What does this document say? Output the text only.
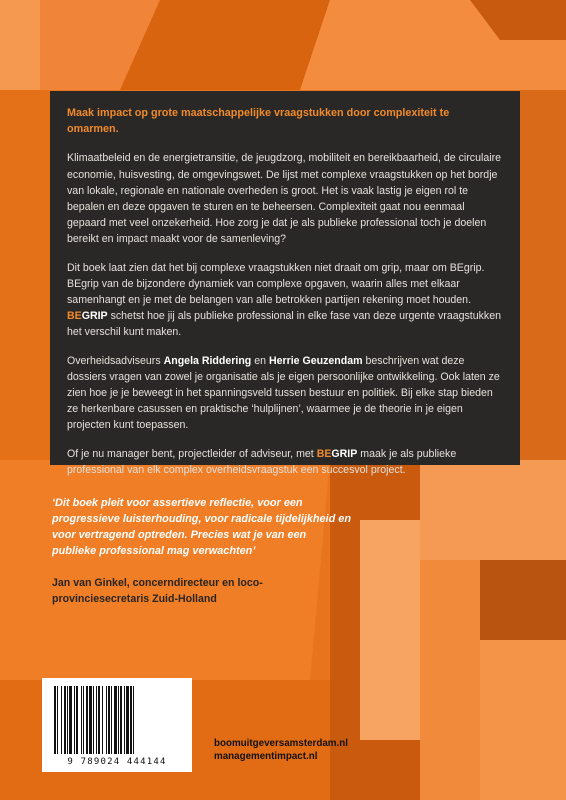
Maak impact op grote maatschappelijke vraagstukken door complexiteit te omarmen.

Klimaatbeleid en de energietransitie, de jeugdzorg, mobiliteit en bereikbaarheid, de circulaire economie, huisvesting, de omgevingswet. De lijst met complexe vraagstukken op het bordje van lokale, regionale en nationale overheden is groot. Het is vaak lastig je eigen rol te bepalen en deze opgaven te sturen en te beheersen. Complexiteit gaat nou eenmaal gepaard met veel onzekerheid. Hoe zorg je dat je als publieke professional toch je doelen bereikt en impact maakt voor de samenleving?

Dit boek laat zien dat het bij complexe vraagstukken niet draait om grip, maar om BEgrip. BEgrip van de bijzondere dynamiek van complexe opgaven, waarin alles met elkaar samenhangt en je met de belangen van alle betrokken partijen rekening moet houden.
BEGRIP schetst hoe jij als publieke professional in elke fase van deze urgente vraagstukken het verschil kunt maken.

Overheidsadviseurs Angela Riddering en Herrie Geuzendam beschrijven wat deze dossiers vragen van zowel je organisatie als je eigen persoonlijke ontwikkeling. Ook laten ze zien hoe je je beweegt in het spanningsveld tussen bestuur en politiek. Bij elke stap bieden ze herkenbare casussen en praktische ‘hulplijnen’, waarmee je de theorie in je eigen projecten kunt toepassen.

Of je nu manager bent, projectleider of adviseur, met BEGRIP maak je als publieke professional van elk complex overheidsvraagstuk een succesvol project.

‘Dit boek pleit voor assertieve reflectie, voor een progressieve luisterhouding, voor radicale tijdelijkheid en voor vertragend optreden. Precies wat je van een publieke professional mag verwachten’

Jan van Ginkel, concerndirecteur en loco-provinciesecretaris Zuid-Holland
9 789024 444144
boomuitgeversamsterdam.nl
managementimpact.nl
